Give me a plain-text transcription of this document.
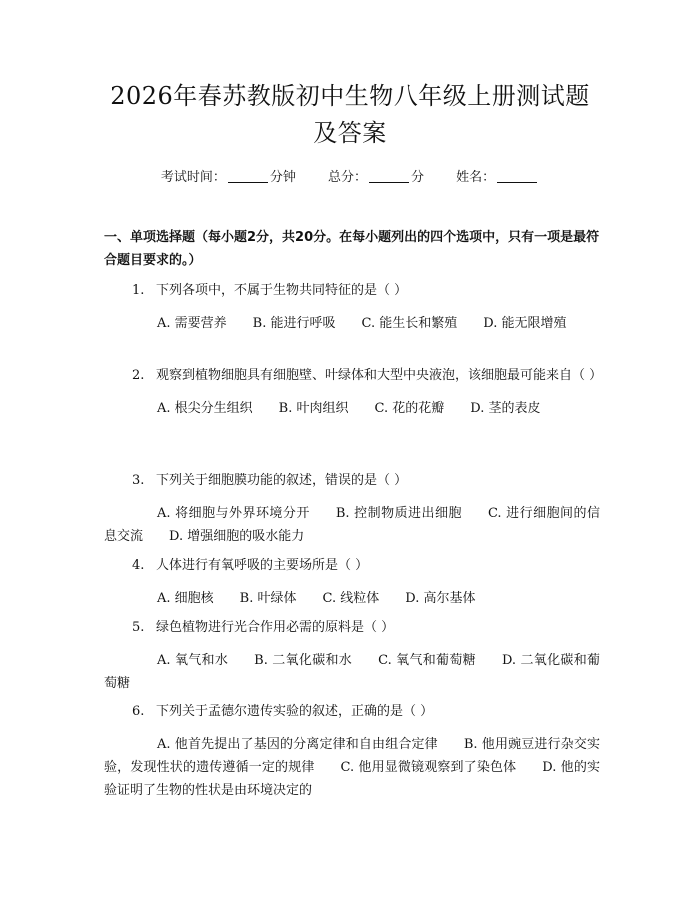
2026年春苏教版初中生物八年级上册测试题
及答案
考试时间：	分钟 总分：	分 姓名：
一、单项选择题（每小题2分，共20分。在每小题列出的四个选项中，只有一项是最符合题目要求的。）
1. 下列各项中，不属于生物共同特征的是（ ）
A. 需要营养 B. 能进行呼吸 C. 能生长和繁殖 D. 能无限增殖
2. 观察到植物细胞具有细胞壁、叶绿体和大型中央液泡，该细胞最可能来自（ ）
A. 根尖分生组织 B. 叶肉组织 C. 花的花瓣 D. 茎的表皮
3. 下列关于细胞膜功能的叙述，错误的是（ ）
A. 将细胞与外界环境分开 B. 控制物质进出细胞 C. 进行细胞间的信息交流 D. 增强细胞的吸水能力
4. 人体进行有氧呼吸的主要场所是（ ）
A. 细胞核 B. 叶绿体 C. 线粒体 D. 高尔基体
5. 绿色植物进行光合作用必需的原料是（ ）
A. 氧气和水 B. 二氧化碳和水 C. 氧气和葡萄糖 D. 二氧化碳和葡萄糖
6. 下列关于孟德尔遗传实验的叙述，正确的是（ ）
A. 他首先提出了基因的分离定律和自由组合定律 B. 他用豌豆进行杂交实验，发现性状的遗传遵循一定的规律 C. 他用显微镜观察到了染色体 D. 他的实验证明了生物的性状是由环境决定的
